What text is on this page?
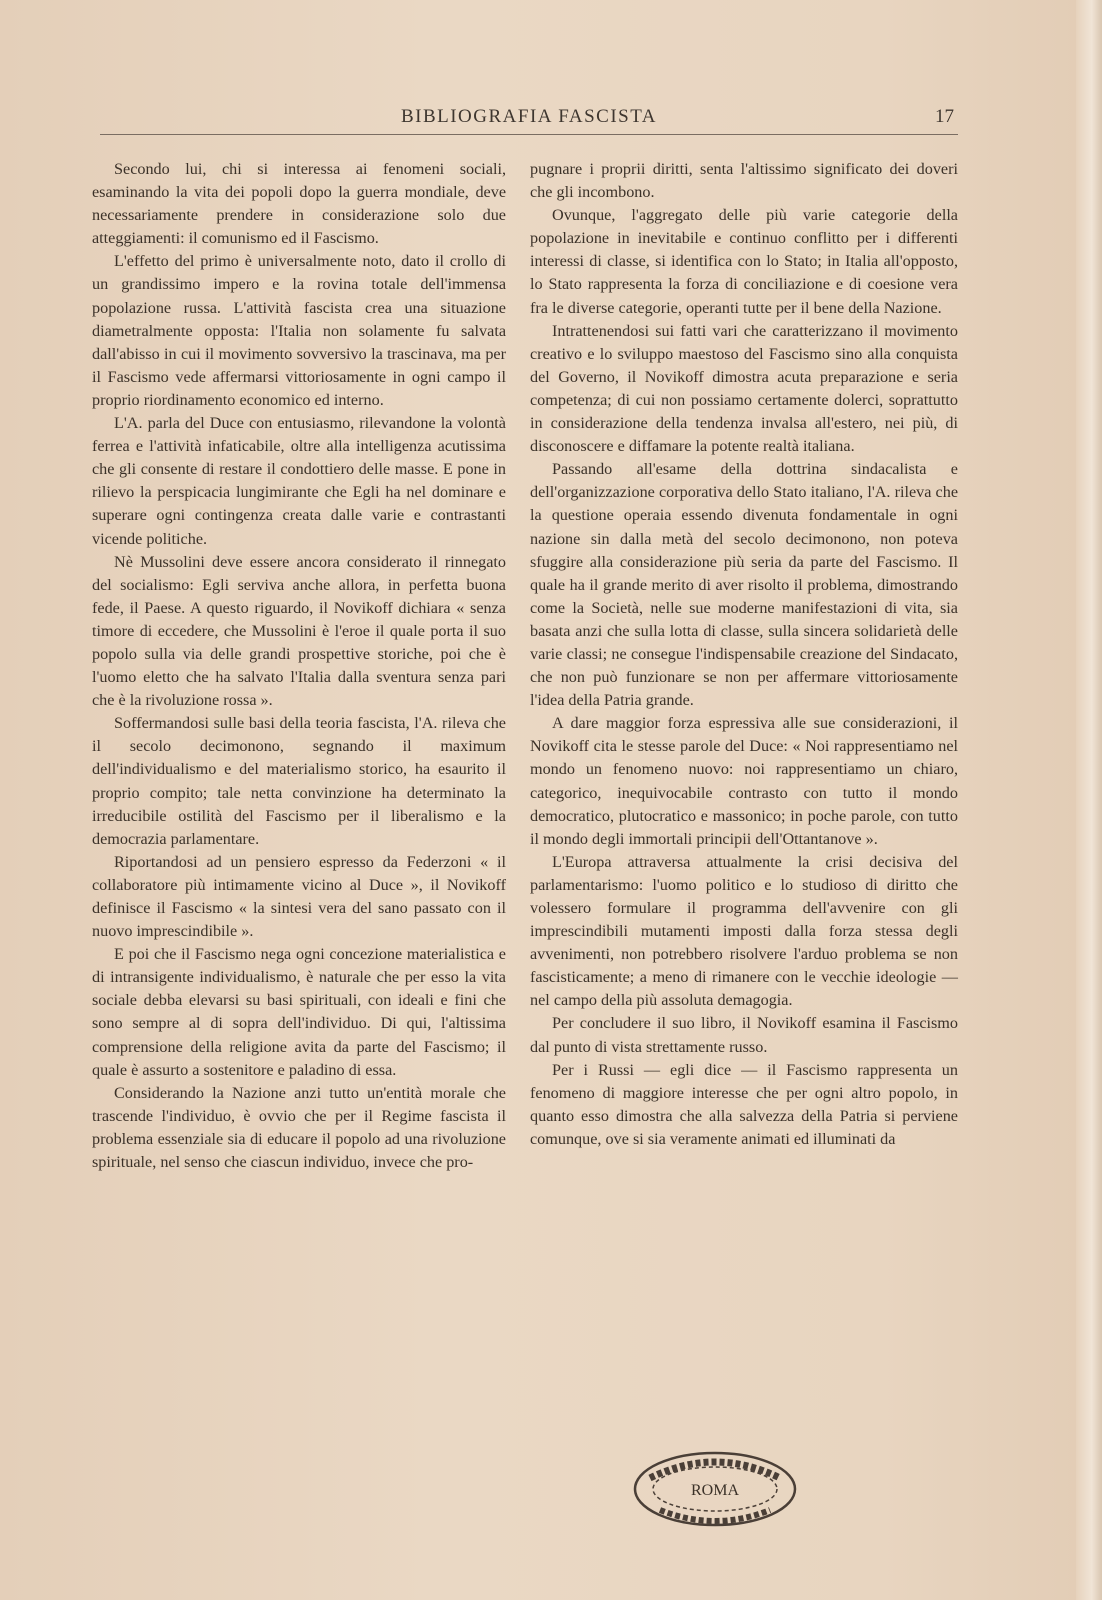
BIBLIOGRAFIA FASCISTA	17

Secondo lui, chi si interessa ai fenomeni sociali, esaminando la vita dei popoli dopo la guerra mondiale, deve necessariamente prendere in considerazione solo due atteggiamenti: il comunismo ed il Fascismo.

L'effetto del primo è universalmente noto, dato il crollo di un grandissimo impero e la rovina totale dell'immensa popolazione russa. L'attività fascista crea una situazione diametralmente opposta: l'Italia non solamente fu salvata dall'abisso in cui il movimento sovversivo la trascinava, ma per il Fascismo vede affermarsi vittoriosamente in ogni campo il proprio riordinamento economico ed interno.

L'A. parla del Duce con entusiasmo, rilevandone la volontà ferrea e l'attività infaticabile, oltre alla intelligenza acutissima che gli consente di restare il condottiero delle masse. E pone in rilievo la perspicacia lungimirante che Egli ha nel dominare e superare ogni contingenza creata dalle varie e contrastanti vicende politiche.

Nè Mussolini deve essere ancora considerato il rinnegato del socialismo: Egli serviva anche allora, in perfetta buona fede, il Paese. A questo riguardo, il Novikoff dichiara « senza timore di eccedere, che Mussolini è l'eroe il quale porta il suo popolo sulla via delle grandi prospettive storiche, poi che è l'uomo eletto che ha salvato l'Italia dalla sventura senza pari che è la rivoluzione rossa ».

Soffermandosi sulle basi della teoria fascista, l'A. rileva che il secolo decimonono, segnando il maximum dell'individualismo e del materialismo storico, ha esaurito il proprio compito; tale netta convinzione ha determinato la irreducibile ostilità del Fascismo per il liberalismo e la democrazia parlamentare.

Riportandosi ad un pensiero espresso da Federzoni « il collaboratore più intimamente vicino al Duce », il Novikoff definisce il Fascismo « la sintesi vera del sano passato con il nuovo imprescindibile ».

E poi che il Fascismo nega ogni concezione materialistica e di intransigente individualismo, è naturale che per esso la vita sociale debba elevarsi su basi spirituali, con ideali e fini che sono sempre al di sopra dell'individuo. Di qui, l'altissima comprensione della religione avita da parte del Fascismo; il quale è assurto a sostenitore e paladino di essa.

Considerando la Nazione anzi tutto un'entità morale che trascende l'individuo, è ovvio che per il Regime fascista il problema essenziale sia di educare il popolo ad una rivoluzione spirituale, nel senso che ciascun individuo, invece che pro-

pugnare i proprii diritti, senta l'altissimo significato dei doveri che gli incombono.

Ovunque, l'aggregato delle più varie categorie della popolazione in inevitabile e continuo conflitto per i differenti interessi di classe, si identifica con lo Stato; in Italia all'opposto, lo Stato rappresenta la forza di conciliazione e di coesione vera fra le diverse categorie, operanti tutte per il bene della Nazione.

Intrattenendosi sui fatti vari che caratterizzano il movimento creativo e lo sviluppo maestoso del Fascismo sino alla conquista del Governo, il Novikoff dimostra acuta preparazione e seria competenza; di cui non possiamo certamente dolerci, soprattutto in considerazione della tendenza invalsa all'estero, nei più, di disconoscere e diffamare la potente realtà italiana.

Passando all'esame della dottrina sindacalista e dell'organizzazione corporativa dello Stato italiano, l'A. rileva che la questione operaia essendo divenuta fondamentale in ogni nazione sin dalla metà del secolo decimonono, non poteva sfuggire alla considerazione più seria da parte del Fascismo. Il quale ha il grande merito di aver risolto il problema, dimostrando come la Società, nelle sue moderne manifestazioni di vita, sia basata anzi che sulla lotta di classe, sulla sincera solidarietà delle varie classi; ne consegue l'indispensabile creazione del Sindacato, che non può funzionare se non per affermare vittoriosamente l'idea della Patria grande.

A dare maggior forza espressiva alle sue considerazioni, il Novikoff cita le stesse parole del Duce: « Noi rappresentiamo nel mondo un fenomeno nuovo: noi rappresentiamo un chiaro, categorico, inequivocabile contrasto con tutto il mondo democratico, plutocratico e massonico; in poche parole, con tutto il mondo degli immortali principii dell'Ottantanove ».

L'Europa attraversa attualmente la crisi decisiva del parlamentarismo: l'uomo politico e lo studioso di diritto che volessero formulare il programma dell'avvenire con gli imprescindibili mutamenti imposti dalla forza stessa degli avvenimenti, non potrebbero risolvere l'arduo problema se non fascisticamente; a meno di rimanere con le vecchie ideologie — nel campo della più assoluta demagogia.

Per concludere il suo libro, il Novikoff esamina il Fascismo dal punto di vista strettamente russo.

Per i Russi — egli dice — il Fascismo rappresenta un fenomeno di maggiore interesse che per ogni altro popolo, in quanto esso dimostra che alla salvezza della Patria si perviene comunque, ove si sia veramente animati ed illuminati da

ROMA
